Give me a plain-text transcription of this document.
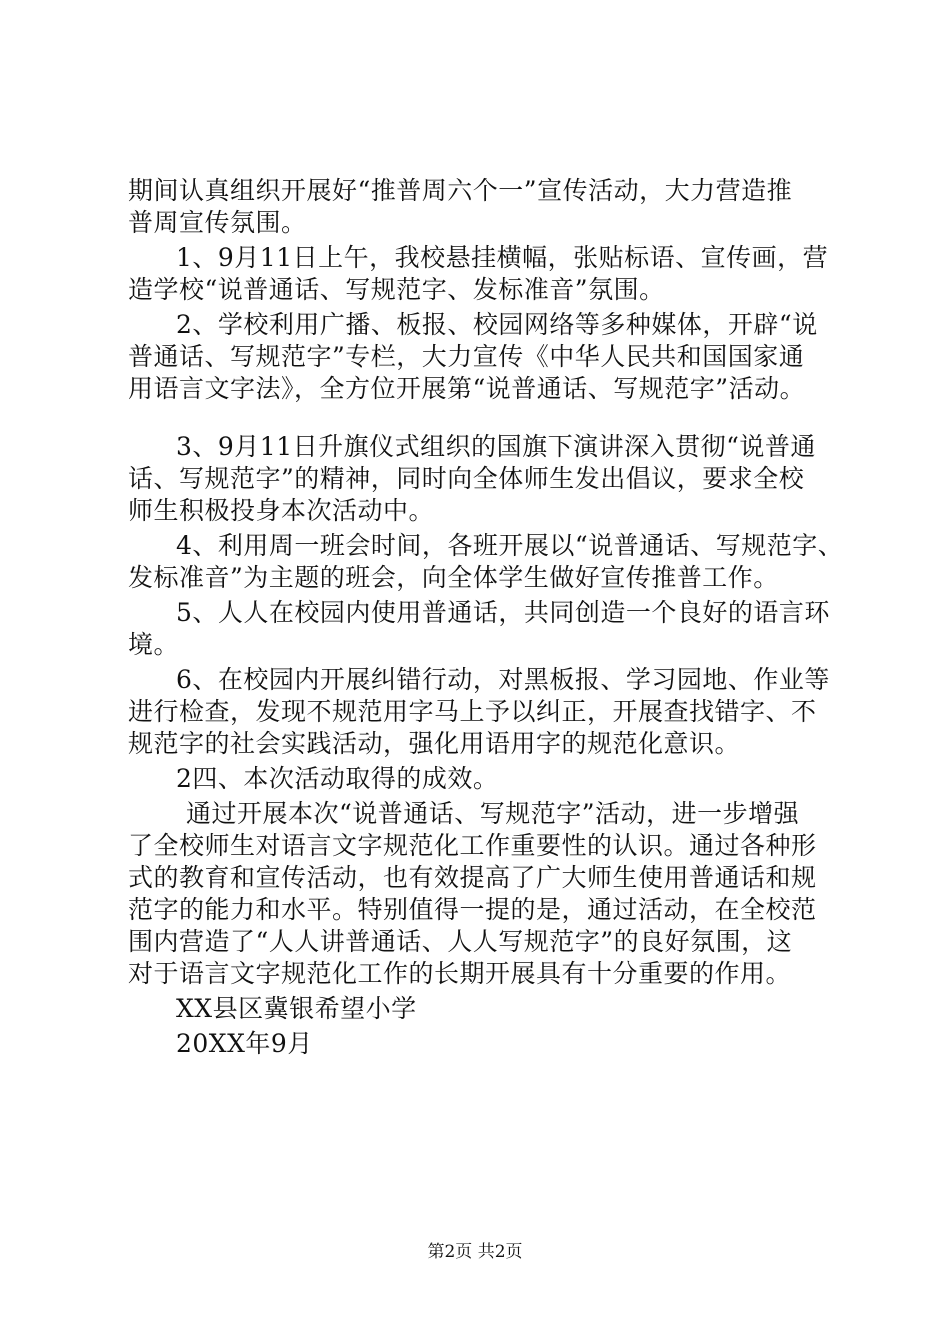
期间认真组织开展好“推普周六个一”宣传活动，大力营造推
普周宣传氛围。
1、9月11日上午，我校悬挂横幅，张贴标语、宣传画，营
造学校“说普通话、写规范字、发标准音”氛围。
2、学校利用广播、板报、校园网络等多种媒体，开辟“说
普通话、写规范字”专栏，大力宣传《中华人民共和国国家通
用语言文字法》，全方位开展第“说普通话、写规范字”活动。
3、9月11日升旗仪式组织的国旗下演讲深入贯彻“说普通
话、写规范字”的精神，同时向全体师生发出倡议，要求全校
师生积极投身本次活动中。
4、利用周一班会时间，各班开展以“说普通话、写规范字、
发标准音”为主题的班会，向全体学生做好宣传推普工作。
5、人人在校园内使用普通话，共同创造一个良好的语言环
境。
6、在校园内开展纠错行动，对黑板报、学习园地、作业等
进行检查，发现不规范用字马上予以纠正，开展查找错字、不
规范字的社会实践活动，强化用语用字的规范化意识。
2四、本次活动取得的成效。
通过开展本次“说普通话、写规范字”活动，进一步增强
了全校师生对语言文字规范化工作重要性的认识。通过各种形
式的教育和宣传活动，也有效提高了广大师生使用普通话和规
范字的能力和水平。特别值得一提的是，通过活动，在全校范
围内营造了“人人讲普通话、人人写规范字”的良好氛围，这
对于语言文字规范化工作的长期开展具有十分重要的作用。
XX县区冀银希望小学
20XX年9月
第2页 共2页
